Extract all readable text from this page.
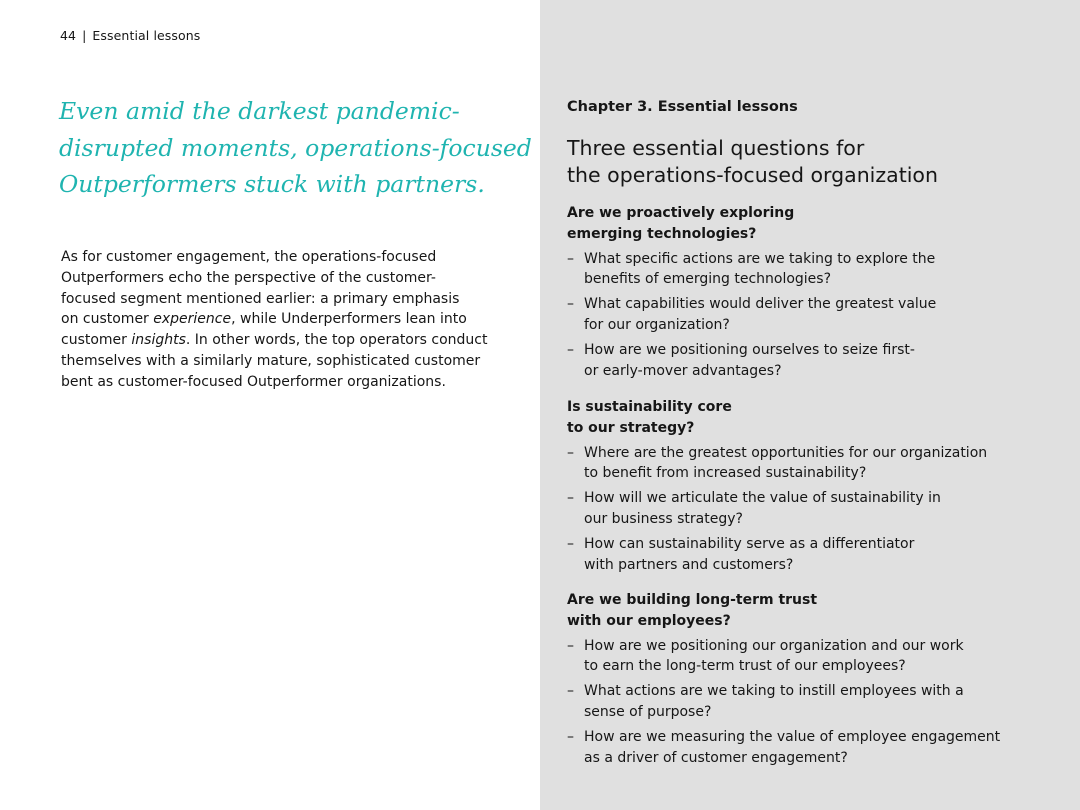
44 | Essential lessons
Even amid the darkest pandemic-
disrupted moments, operations-focused
Outperformers stuck with partners.
As for customer engagement, the operations-focused
Outperformers echo the perspective of the customer-
focused segment mentioned earlier: a primary emphasis
on customer experience, while Underperformers lean into
customer insights. In other words, the top operators conduct
themselves with a similarly mature, sophisticated customer
bent as customer-focused Outperformer organizations.
Chapter 3. Essential lessons
Three essential questions for
the operations-focused organization
Are we proactively exploring
emerging technologies?
– What specific actions are we taking to explore the
benefits of emerging technologies?
– What capabilities would deliver the greatest value
for our organization?
– How are we positioning ourselves to seize first-
or early-mover advantages?
Is sustainability core
to our strategy?
– Where are the greatest opportunities for our organization
to benefit from increased sustainability?
– How will we articulate the value of sustainability in
our business strategy?
– How can sustainability serve as a differentiator
with partners and customers?
Are we building long-term trust
with our employees?
– How are we positioning our organization and our work
to earn the long-term trust of our employees?
– What actions are we taking to instill employees with a
sense of purpose?
– How are we measuring the value of employee engagement
as a driver of customer engagement?
